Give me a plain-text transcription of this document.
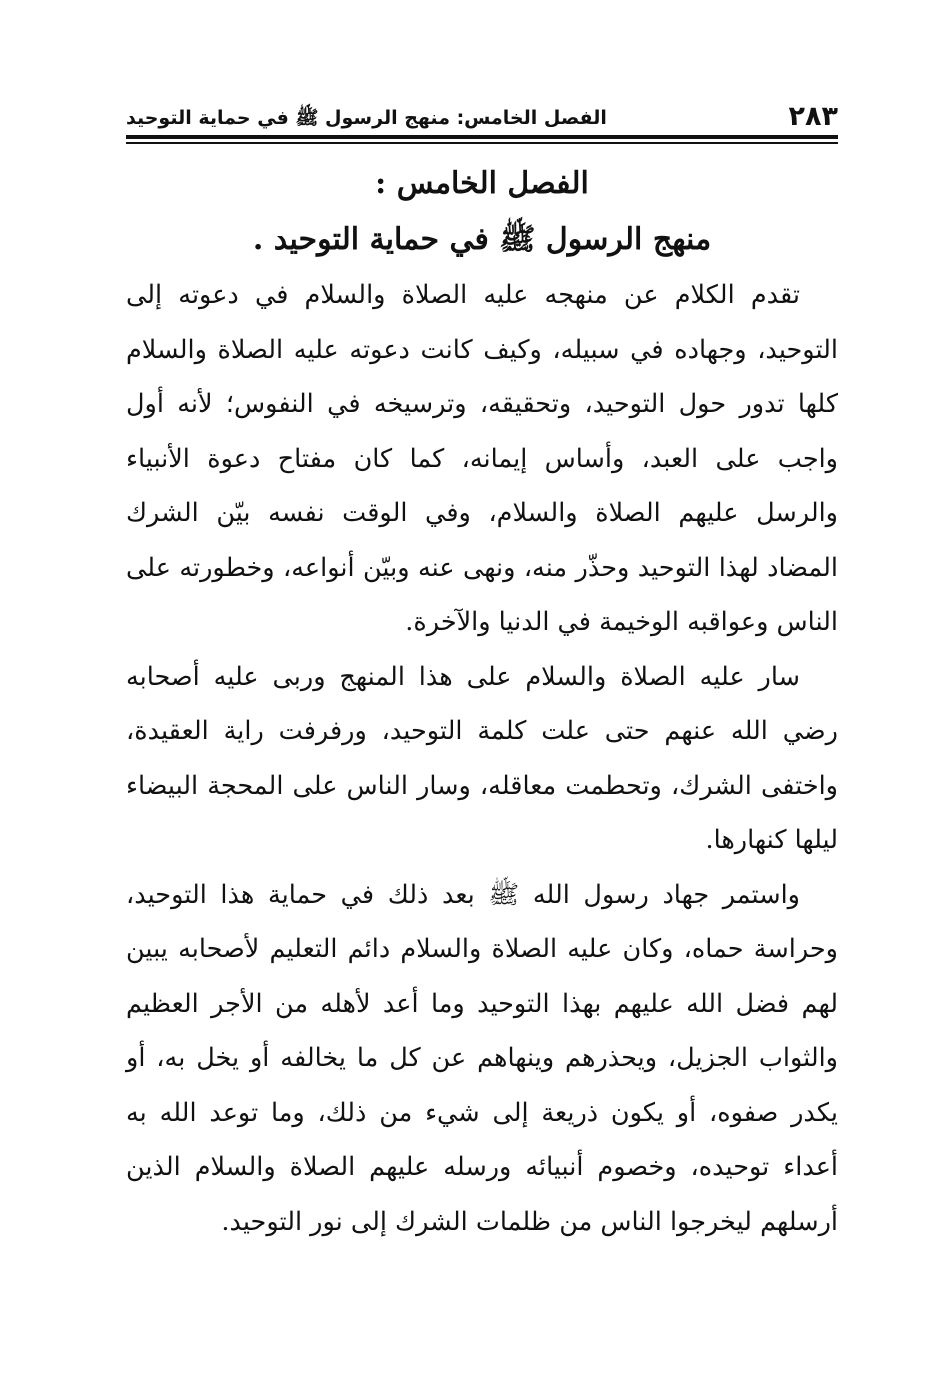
٢٨٣
الفصل الخامس: منهج الرسول ﷺ في حماية التوحيد
الفصل الخامس :
منهج الرسول ﷺ في حماية التوحيد .

تقدم الكلام عن منهجه عليه الصلاة والسلام في دعوته إلى التوحيد، وجهاده في سبيله، وكيف كانت دعوته عليه الصلاة والسلام كلها تدور حول التوحيد، وتحقيقه، وترسيخه في النفوس؛ لأنه أول واجب على العبد، وأساس إيمانه، كما كان مفتاح دعوة الأنبياء والرسل عليهم الصلاة والسلام، وفي الوقت نفسه بيّن الشرك المضاد لهذا التوحيد وحذّر منه، ونهى عنه وبيّن أنواعه، وخطورته على الناس وعواقبه الوخيمة في الدنيا والآخرة.

سار عليه الصلاة والسلام على هذا المنهج وربى عليه أصحابه رضي الله عنهم حتى علت كلمة التوحيد، ورفرفت راية العقيدة، واختفى الشرك، وتحطمت معاقله، وسار الناس على المحجة البيضاء ليلها كنهارها.

واستمر جهاد رسول الله ﷺ بعد ذلك في حماية هذا التوحيد، وحراسة حماه، وكان عليه الصلاة والسلام دائم التعليم لأصحابه يبين لهم فضل الله عليهم بهذا التوحيد وما أعد لأهله من الأجر العظيم والثواب الجزيل، ويحذرهم وينهاهم عن كل ما يخالفه أو يخل به، أو يكدر صفوه، أو يكون ذريعة إلى شيء من ذلك، وما توعد الله به أعداء توحيده، وخصوم أنبيائه ورسله عليهم الصلاة والسلام الذين أرسلهم ليخرجوا الناس من ظلمات الشرك إلى نور التوحيد.
